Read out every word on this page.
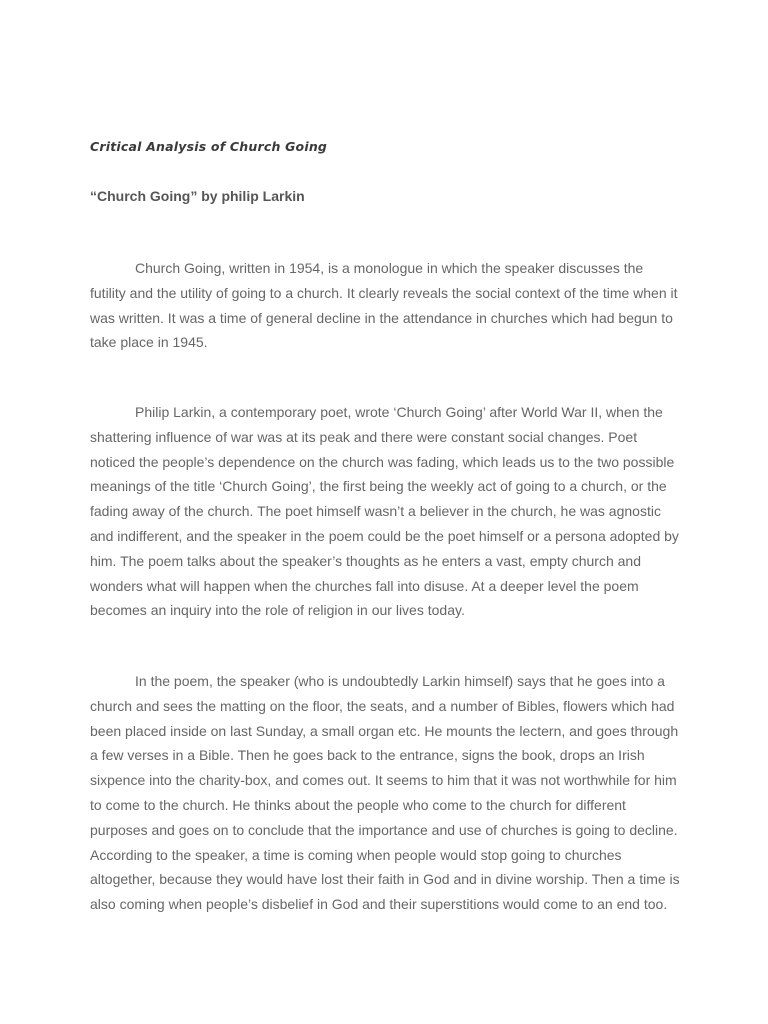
Critical Analysis of Church Going
“Church Going” by philip Larkin

Church Going, written in 1954, is a monologue in which the speaker discusses the futility and the utility of going to a church. It clearly reveals the social context of the time when it was written. It was a time of general decline in the attendance in churches which had begun to take place in 1945.

Philip Larkin, a contemporary poet, wrote ‘Church Going’ after World War II, when the shattering influence of war was at its peak and there were constant social changes. Poet noticed the people’s dependence on the church was fading, which leads us to the two possible meanings of the title ‘Church Going’, the first being the weekly act of going to a church, or the fading away of the church. The poet himself wasn’t a believer in the church, he was agnostic and indifferent, and the speaker in the poem could be the poet himself or a persona adopted by him. The poem talks about the speaker’s thoughts as he enters a vast, empty church and wonders what will happen when the churches fall into disuse. At a deeper level the poem becomes an inquiry into the role of religion in our lives today.

In the poem, the speaker (who is undoubtedly Larkin himself) says that he goes into a church and sees the matting on the floor, the seats, and a number of Bibles, flowers which had been placed inside on last Sunday, a small organ etc. He mounts the lectern, and goes through a few verses in a Bible. Then he goes back to the entrance, signs the book, drops an Irish sixpence into the charity-box, and comes out. It seems to him that it was not worthwhile for him to come to the church. He thinks about the people who come to the church for different purposes and goes on to conclude that the importance and use of churches is going to decline. According to the speaker, a time is coming when people would stop going to churches altogether, because they would have lost their faith in God and in divine worship. Then a time is also coming when people’s disbelief in God and their superstitions would come to an end too.
